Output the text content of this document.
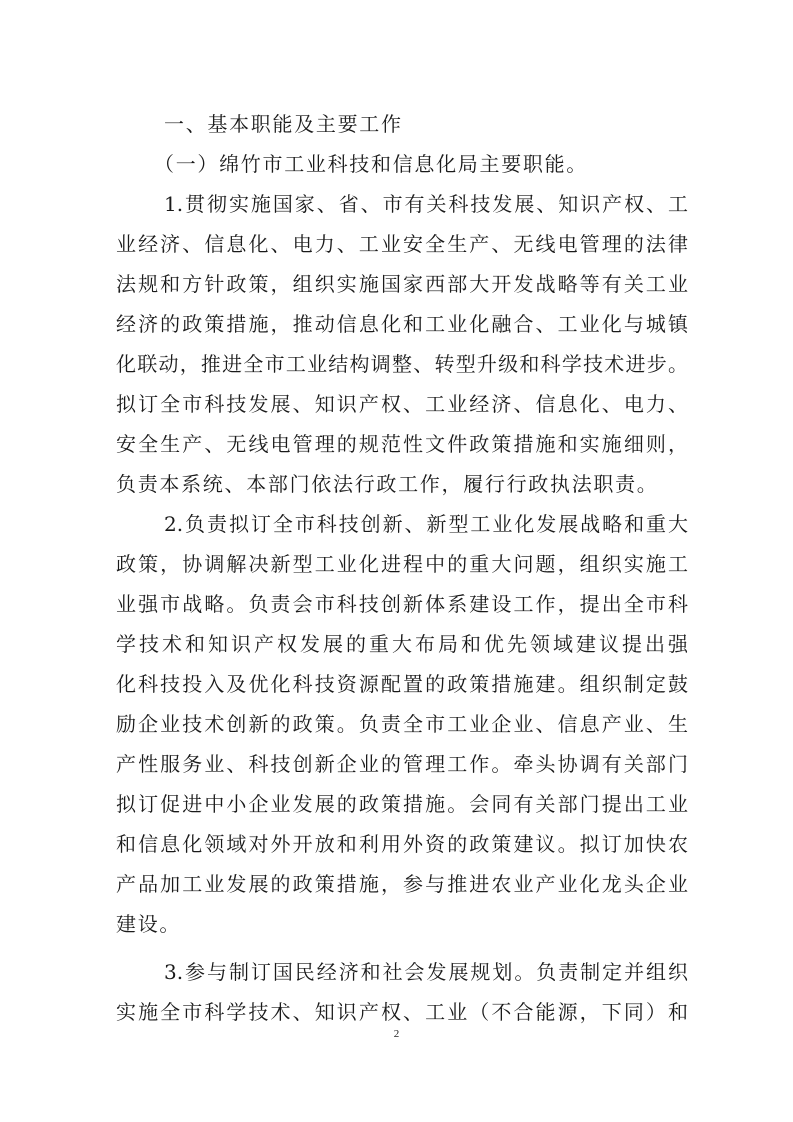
一、基本职能及主要工作
（一）绵竹市工业科技和信息化局主要职能。
1.贯彻实施国家、省、市有关科技发展、知识产权、工
业经济、信息化、电力、工业安全生产、无线电管理的法律
法规和方针政策，组织实施国家西部大开发战略等有关工业
经济的政策措施，推动信息化和工业化融合、工业化与城镇
化联动，推进全市工业结构调整、转型升级和科学技术进步。
拟订全市科技发展、知识产权、工业经济、信息化、电力、
安全生产、无线电管理的规范性文件政策措施和实施细则，
负责本系统、本部门依法行政工作，履行行政执法职责。
2.负责拟订全市科技创新、新型工业化发展战略和重大
政策，协调解决新型工业化进程中的重大问题，组织实施工
业强市战略。负责会市科技创新体系建设工作，提出全市科
学技术和知识产权发展的重大布局和优先领域建议提出强
化科技投入及优化科技资源配置的政策措施建。组织制定鼓
励企业技术创新的政策。负责全市工业企业、信息产业、生
产性服务业、科技创新企业的管理工作。牵头协调有关部门
拟订促进中小企业发展的政策措施。会同有关部门提出工业
和信息化领域对外开放和利用外资的政策建议。拟订加快农
产品加工业发展的政策措施，参与推进农业产业化龙头企业
建设。
3.参与制订国民经济和社会发展规划。负责制定并组织
实施全市科学技术、知识产权、工业（不合能源，下同）和
2
